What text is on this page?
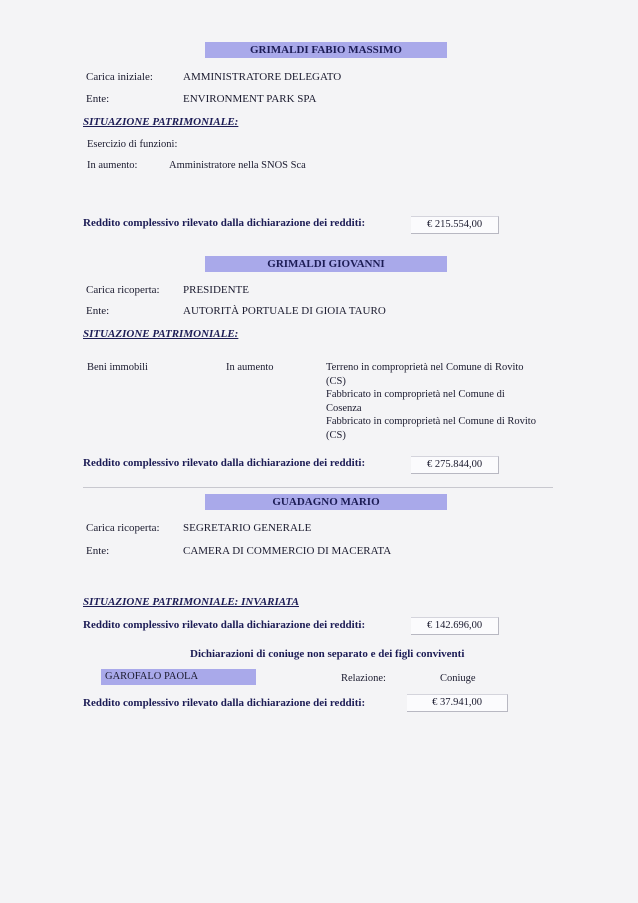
GRIMALDI FABIO MASSIMO
Carica iniziale:	AMMINISTRATORE DELEGATO
Ente:	ENVIRONMENT PARK SPA
SITUAZIONE PATRIMONIALE:
Esercizio di funzioni:
In aumento:	Amministratore nella SNOS Sca
Reddito complessivo rilevato dalla dichiarazione dei redditi:	€ 215.554,00
GRIMALDI GIOVANNI
Carica ricoperta: PRESIDENTE
Ente:	AUTORITÀ PORTUALE DI GIOIA TAURO
SITUAZIONE PATRIMONIALE:
Beni immobili	In aumento	Terreno in comproprietà nel Comune di Rovito
(CS)
Fabbricato in comproprietà nel Comune di
Cosenza
Fabbricato in comproprietà nel Comune di Rovito
(CS)
Reddito complessivo rilevato dalla dichiarazione dei redditi:	€ 275.844,00
GUADAGNO MARIO
Carica ricoperta: SEGRETARIO GENERALE
Ente:	CAMERA DI COMMERCIO DI MACERATA
SITUAZIONE PATRIMONIALE: INVARIATA
Reddito complessivo rilevato dalla dichiarazione dei redditi:	€ 142.696,00
Dichiarazioni di coniuge non separato e dei figli conviventi
GAROFALO PAOLA	Relazione:	Coniuge
Reddito complessivo rilevato dalla dichiarazione dei redditi:	€ 37.941,00
